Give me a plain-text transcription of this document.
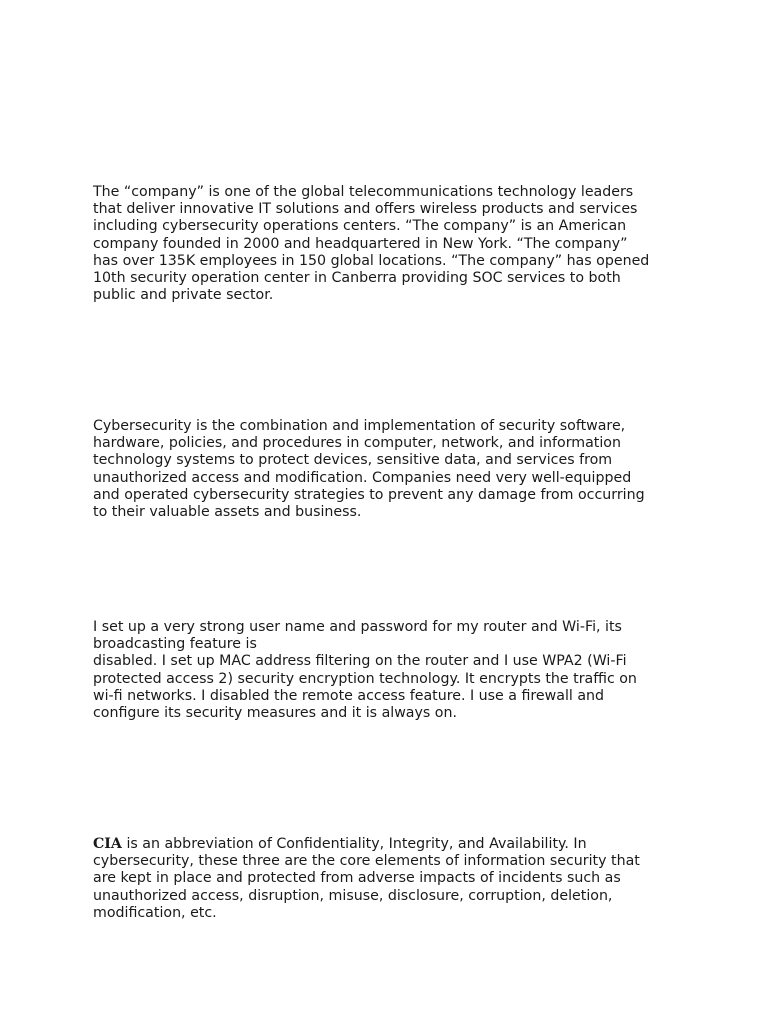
The “company” is one of the global telecommunications technology leaders
that deliver innovative IT solutions and offers wireless products and services
including cybersecurity operations centers. “The company” is an American
company founded in 2000 and headquartered in New York. “The company”
has over 135K employees in 150 global locations. “The company” has opened
10th security operation center in Canberra providing SOC services to both
public and private sector.

Cybersecurity is the combination and implementation of security software,
hardware, policies, and procedures in computer, network, and information
technology systems to protect devices, sensitive data, and services from
unauthorized access and modification. Companies need very well-equipped
and operated cybersecurity strategies to prevent any damage from occurring
to their valuable assets and business.

I set up a very strong user name and password for my router and Wi-Fi, its
broadcasting feature is
disabled. I set up MAC address filtering on the router and I use WPA2 (Wi-Fi
protected access 2) security encryption technology. It encrypts the traffic on
wi-fi networks. I disabled the remote access feature. I use a firewall and
configure its security measures and it is always on.

CIA is an abbreviation of Confidentiality, Integrity, and Availability. In
cybersecurity, these three are the core elements of information security that
are kept in place and protected from adverse impacts of incidents such as
unauthorized access, disruption, misuse, disclosure, corruption, deletion,
modification, etc.
